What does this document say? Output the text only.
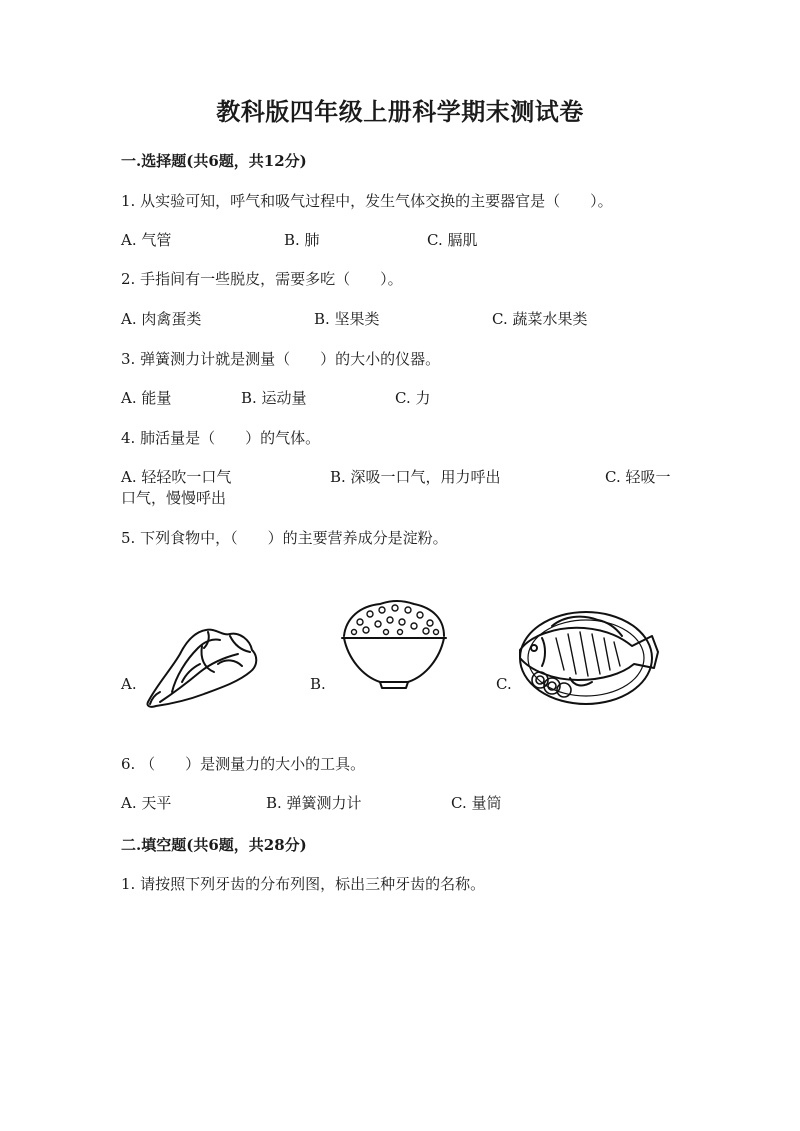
教科版四年级上册科学期末测试卷
一.选择题(共6题，共12分)
1. 从实验可知，呼气和吸气过程中，发生气体交换的主要器官是（　　）。
A. 气管	B. 肺	C. 膈肌
2. 手指间有一些脱皮，需要多吃（　　）。
A. 肉禽蛋类	B. 坚果类	C. 蔬菜水果类
3. 弹簧测力计就是测量（　　）的大小的仪器。
A. 能量	B. 运动量	C. 力
4. 肺活量是（　　）的气体。
A. 轻轻吹一口气	B. 深吸一口气，用力呼出	C. 轻吸一
口气，慢慢呼出
5. 下列食物中，（　　）的主要营养成分是淀粉。
A.	B.	C.
6. （　　）是测量力的大小的工具。
A. 天平	B. 弹簧测力计	C. 量筒
二.填空题(共6题，共28分)
1. 请按照下列牙齿的分布列图，标出三种牙齿的名称。
